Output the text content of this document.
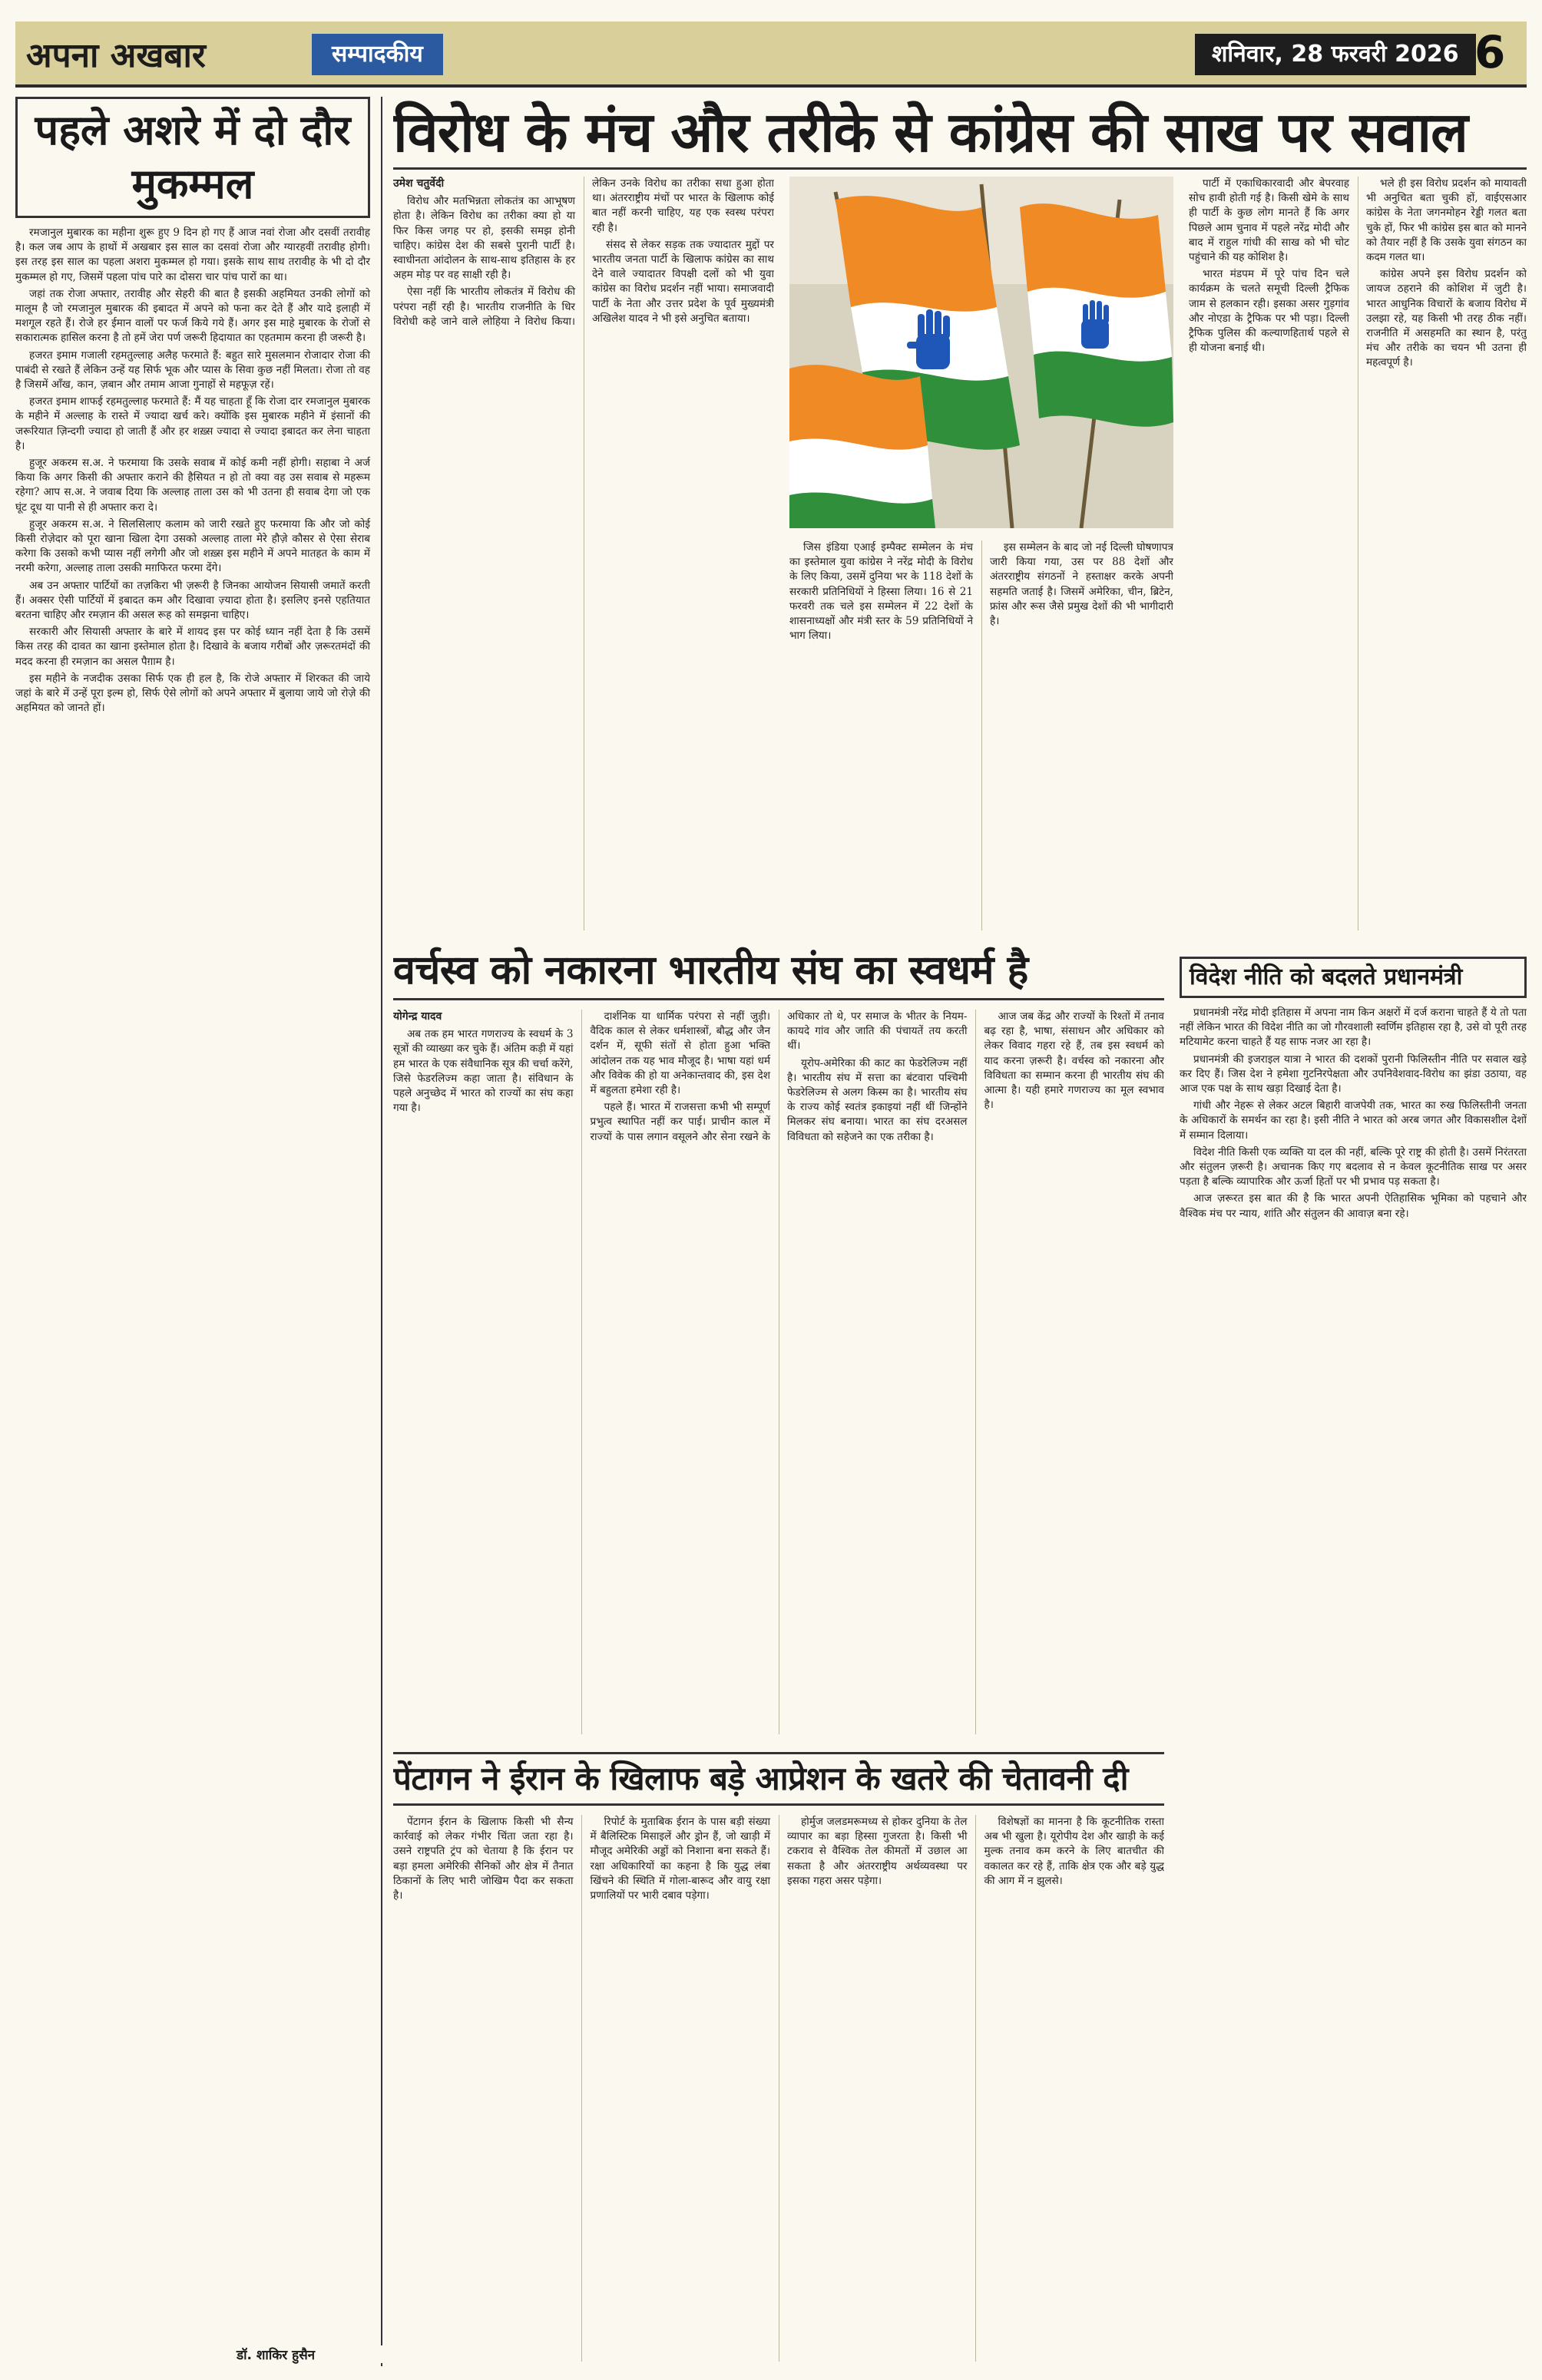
अपना अखबार	सम्पादकीय	शनिवार, 28 फरवरी 2026 6
पहले अशरे में दो दौर मुकम्मल

रमजानुल मुबारक का महीना शुरू हुए 9 दिन हो गए हैं आज नवां रोजा और दसवीं तरावीह है। कल जब आप के हाथों में अखबार इस साल का दसवां रोजा और ग्यारहवीं तरावीह होगी। इस तरह इस साल का पहला अशरा मुकम्मल हो गया। इसके साथ साथ तरावीह के भी दो दौर मुकम्मल हो गए, जिसमें पहला पांच पारे का दोसरा चार पांच पारों का था।

जहां तक रोजा अफ्तार, तरावीह और सेहरी की बात है इसकी अहमियत उनकी लोगों को मालूम है जो रमजानुल मुबारक की इबादत में अपने को फना कर देते हैं और यादे इलाही में मशगूल रहते हैं। रोजे हर ईमान वालों पर फर्ज किये गये हैं। अगर इस माहे मुबारक के रोजों से सकारात्मक हासिल करना है तो हमें जेरा पर्ण जरूरी हिदायात का एहतमाम करना ही जरूरी है।

हजरत इमाम गजाली रहमतुल्लाह अलैह फरमाते हैं: बहुत सारे मुसलमान रोजादार रोजा की पाबंदी से रखते हैं लेकिन उन्हें यह सिर्फ भूक और प्यास के सिवा कुछ नहीं मिलता। रोजा तो वह है जिसमें आँख, कान, ज़बान और तमाम आजा गुनाहों से महफूज़ रहें।

हजरत इमाम शाफई रहमतुल्लाह फरमाते हैं: मैं यह चाहता हूँ कि रोजा दार रमजानुल मुबारक के महीने में अल्लाह के रास्ते में ज्यादा खर्च करे। क्योंकि इस मुबारक महीने में इंसानों की जरूरियात ज़िन्दगी ज्यादा हो जाती हैं और हर शख़्स ज्यादा से ज्यादा इबादत कर लेना चाहता है।

हुजूर अकरम स.अ. ने फरमाया कि उसके सवाब में कोई कमी नहीं होगी। सहाबा ने अर्ज किया कि अगर किसी की अफ्तार कराने की हैसियत न हो तो क्या वह उस सवाब से महरूम रहेगा? आप स.अ. ने जवाब दिया कि अल्लाह ताला उस को भी उतना ही सवाब देगा जो एक घूंट दूध या पानी से ही अफ्तार करा दे।

हुजूर अकरम स.अ. ने सिलसिलाए कलाम को जारी रखते हुए फरमाया कि और जो कोई किसी रोज़ेदार को पूरा खाना खिला देगा उसको अल्लाह ताला मेरे हौज़े कौसर से ऐसा सेराब करेगा कि उसको कभी प्यास नहीं लगेगी और जो शख़्स इस महीने में अपने मातहत के काम में नरमी करेगा, अल्लाह ताला उसकी मग़फिरत फरमा देंगे।

अब उन अफ्तार पार्टियों का तज़किरा भी ज़रूरी है जिनका आयोजन सियासी जमातें करती हैं। अक्सर ऐसी पार्टियों में इबादत कम और दिखावा ज़्यादा होता है। इसलिए इनसे एहतियात बरतना चाहिए और रमज़ान की असल रूह को समझना चाहिए।

सरकारी और सियासी अफ्तार के बारे में शायद इस पर कोई ध्यान नहीं देता है कि उसमें किस तरह की दावत का खाना इस्तेमाल होता है। दिखावे के बजाय गरीबों और ज़रूरतमंदों की मदद करना ही रमज़ान का असल पैग़ाम है।

इस महीने के नजदीक उसका सिर्फ एक ही हल है, कि रोजे अफ्तार में शिरकत की जाये जहां के बारे में उन्हें पूरा इल्म हो, सिर्फ ऐसे लोगों को अपने अफ्तार में बुलाया जाये जो रोज़े की अहमियत को जानते हों।

डॉ. शाकिर हुसैन
विरोध के मंच और तरीके से कांग्रेस की साख पर सवाल
उमेश चतुर्वेदी

विरोध और मतभिन्नता लोकतंत्र का आभूषण होता है। लेकिन विरोध का तरीका क्या हो या फिर किस जगह पर हो, इसकी समझ होनी चाहिए। कांग्रेस देश की सबसे पुरानी पार्टी है। स्वाधीनता आंदोलन के साथ-साथ इतिहास के हर अहम मोड़ पर वह साक्षी रही है।

ऐसा नहीं कि भारतीय लोकतंत्र में विरोध की परंपरा नहीं रही है। भारतीय राजनीति के धिर विरोधी कहे जाने वाले लोहिया ने विरोध किया। लेकिन उनके विरोध का तरीका सधा हुआ होता था। अंतरराष्ट्रीय मंचों पर भारत के खिलाफ कोई बात नहीं करनी चाहिए, यह एक स्वस्थ परंपरा रही है।

संसद से लेकर सड़क तक ज्यादातर मुद्दों पर भारतीय जनता पार्टी के खिलाफ कांग्रेस का साथ देने वाले ज्यादातर विपक्षी दलों को भी युवा कांग्रेस का विरोध प्रदर्शन नहीं भाया। समाजवादी पार्टी के नेता और उत्तर प्रदेश के पूर्व मुख्यमंत्री अखिलेश यादव ने भी इसे अनुचित बताया।

जिस इंडिया एआई इम्पैक्ट सम्मेलन के मंच का इस्तेमाल युवा कांग्रेस ने नरेंद्र मोदी के विरोध के लिए किया, उसमें दुनिया भर के 118 देशों के सरकारी प्रतिनिधियों ने हिस्सा लिया। 16 से 21 फरवरी तक चले इस सम्मेलन में 22 देशों के शासनाध्यक्षों और मंत्री स्तर के 59 प्रतिनिधियों ने भाग लिया।

इस सम्मेलन के बाद जो नई दिल्ली घोषणापत्र जारी किया गया, उस पर 88 देशों और अंतरराष्ट्रीय संगठनों ने हस्ताक्षर करके अपनी सहमति जताई है। जिसमें अमेरिका, चीन, ब्रिटेन, फ्रांस और रूस जैसे प्रमुख देशों की भी भागीदारी है।

पार्टी में एकाधिकारवादी और बेपरवाह सोच हावी होती गई है। किसी खेमे के साथ ही पार्टी के कुछ लोग मानते हैं कि अगर पिछले आम चुनाव में पहले नरेंद्र मोदी और बाद में राहुल गांधी की साख को भी चोट पहुंचाने की यह कोशिश है।

भारत मंडपम में पूरे पांच दिन चले कार्यक्रम के चलते समूची दिल्ली ट्रैफिक जाम से हलकान रही। इसका असर गुड़गांव और नोएडा के ट्रैफिक पर भी पड़ा। दिल्ली ट्रैफिक पुलिस की कल्याणहितार्थ पहले से ही योजना बनाई थी।

भले ही इस विरोध प्रदर्शन को मायावती भी अनुचित बता चुकी हों, वाईएसआर कांग्रेस के नेता जगनमोहन रेड्डी गलत बता चुके हों, फिर भी कांग्रेस इस बात को मानने को तैयार नहीं है कि उसके युवा संगठन का कदम गलत था।

कांग्रेस अपने इस विरोध प्रदर्शन को जायज ठहराने की कोशिश में जुटी है। भारत आधुनिक विचारों के बजाय विरोध में उलझा रहे, यह किसी भी तरह ठीक नहीं। राजनीति में असहमति का स्थान है, परंतु मंच और तरीके का चयन भी उतना ही महत्वपूर्ण है।

वर्चस्व को नकारना भारतीय संघ का स्वधर्म है
योगेन्द्र यादव

अब तक हम भारत गणराज्य के स्वधर्म के 3 सूत्रों की व्याख्या कर चुके हैं। अंतिम कड़ी में यहां हम भारत के एक संवैधानिक सूत्र की चर्चा करेंगे, जिसे फेडरलिज्म कहा जाता है। संविधान के पहले अनुच्छेद में भारत को राज्यों का संघ कहा गया है।

दार्शनिक या धार्मिक परंपरा से नहीं जुड़ी। वैदिक काल से लेकर धर्मशास्त्रों, बौद्ध और जैन दर्शन में, सूफी संतों से होता हुआ भक्ति आंदोलन तक यह भाव मौजूद है। भाषा यहां धर्म और विवेक की हो या अनेकान्तवाद की, इस देश में बहुलता हमेशा रही है।

पहले हैं। भारत में राजसत्ता कभी भी सम्पूर्ण प्रभुत्व स्थापित नहीं कर पाई। प्राचीन काल में राज्यों के पास लगान वसूलने और सेना रखने के अधिकार तो थे, पर समाज के भीतर के नियम-कायदे गांव और जाति की पंचायतें तय करती थीं।

यूरोप-अमेरिका की काट का फेडरेलिज्म नहीं है। भारतीय संघ में सत्ता का बंटवारा पश्चिमी फेडरेलिज्म से अलग किस्म का है। भारतीय संघ के राज्य कोई स्वतंत्र इकाइयां नहीं थीं जिन्होंने मिलकर संघ बनाया। भारत का संघ दरअसल विविधता को सहेजने का एक तरीका है।

आज जब केंद्र और राज्यों के रिश्तों में तनाव बढ़ रहा है, भाषा, संसाधन और अधिकार को लेकर विवाद गहरा रहे हैं, तब इस स्वधर्म को याद करना ज़रूरी है। वर्चस्व को नकारना और विविधता का सम्मान करना ही भारतीय संघ की आत्मा है। यही हमारे गणराज्य का मूल स्वभाव है।

पेंटागन ने ईरान के खिलाफ बड़े आप्रेशन के खतरे की चेतावनी दी

पेंटागन ईरान के खिलाफ किसी भी सैन्य कार्रवाई को लेकर गंभीर चिंता जता रहा है। उसने राष्ट्रपति ट्रंप को चेताया है कि ईरान पर बड़ा हमला अमेरिकी सैनिकों और क्षेत्र में तैनात ठिकानों के लिए भारी जोखिम पैदा कर सकता है।

रिपोर्ट के मुताबिक ईरान के पास बड़ी संख्या में बैलिस्टिक मिसाइलें और ड्रोन हैं, जो खाड़ी में मौजूद अमेरिकी अड्डों को निशाना बना सकते हैं। रक्षा अधिकारियों का कहना है कि युद्ध लंबा खिंचने की स्थिति में गोला-बारूद और वायु रक्षा प्रणालियों पर भारी दबाव पड़ेगा।

होर्मुज जलडमरूमध्य से होकर दुनिया के तेल व्यापार का बड़ा हिस्सा गुजरता है। किसी भी टकराव से वैश्विक तेल कीमतों में उछाल आ सकता है और अंतरराष्ट्रीय अर्थव्यवस्था पर इसका गहरा असर पड़ेगा।

विशेषज्ञों का मानना है कि कूटनीतिक रास्ता अब भी खुला है। यूरोपीय देश और खाड़ी के कई मुल्क तनाव कम करने के लिए बातचीत की वकालत कर रहे हैं, ताकि क्षेत्र एक और बड़े युद्ध की आग में न झुलसे।

विदेश नीति को बदलते प्रधानमंत्री

प्रधानमंत्री नरेंद्र मोदी इतिहास में अपना नाम किन अक्षरों में दर्ज कराना चाहते हैं ये तो पता नहीं लेकिन भारत की विदेश नीति का जो गौरवशाली स्वर्णिम इतिहास रहा है, उसे वो पूरी तरह मटियामेट करना चाहते हैं यह साफ नजर आ रहा है।

प्रधानमंत्री की इजराइल यात्रा ने भारत की दशकों पुरानी फिलिस्तीन नीति पर सवाल खड़े कर दिए हैं। जिस देश ने हमेशा गुटनिरपेक्षता और उपनिवेशवाद-विरोध का झंडा उठाया, वह आज एक पक्ष के साथ खड़ा दिखाई देता है।

गांधी और नेहरू से लेकर अटल बिहारी वाजपेयी तक, भारत का रुख फिलिस्तीनी जनता के अधिकारों के समर्थन का रहा है। इसी नीति ने भारत को अरब जगत और विकासशील देशों में सम्मान दिलाया।

विदेश नीति किसी एक व्यक्ति या दल की नहीं, बल्कि पूरे राष्ट्र की होती है। उसमें निरंतरता और संतुलन ज़रूरी है। अचानक किए गए बदलाव से न केवल कूटनीतिक साख पर असर पड़ता है बल्कि व्यापारिक और ऊर्जा हितों पर भी प्रभाव पड़ सकता है।

आज ज़रूरत इस बात की है कि भारत अपनी ऐतिहासिक भूमिका को पहचाने और वैश्विक मंच पर न्याय, शांति और संतुलन की आवाज़ बना रहे।
